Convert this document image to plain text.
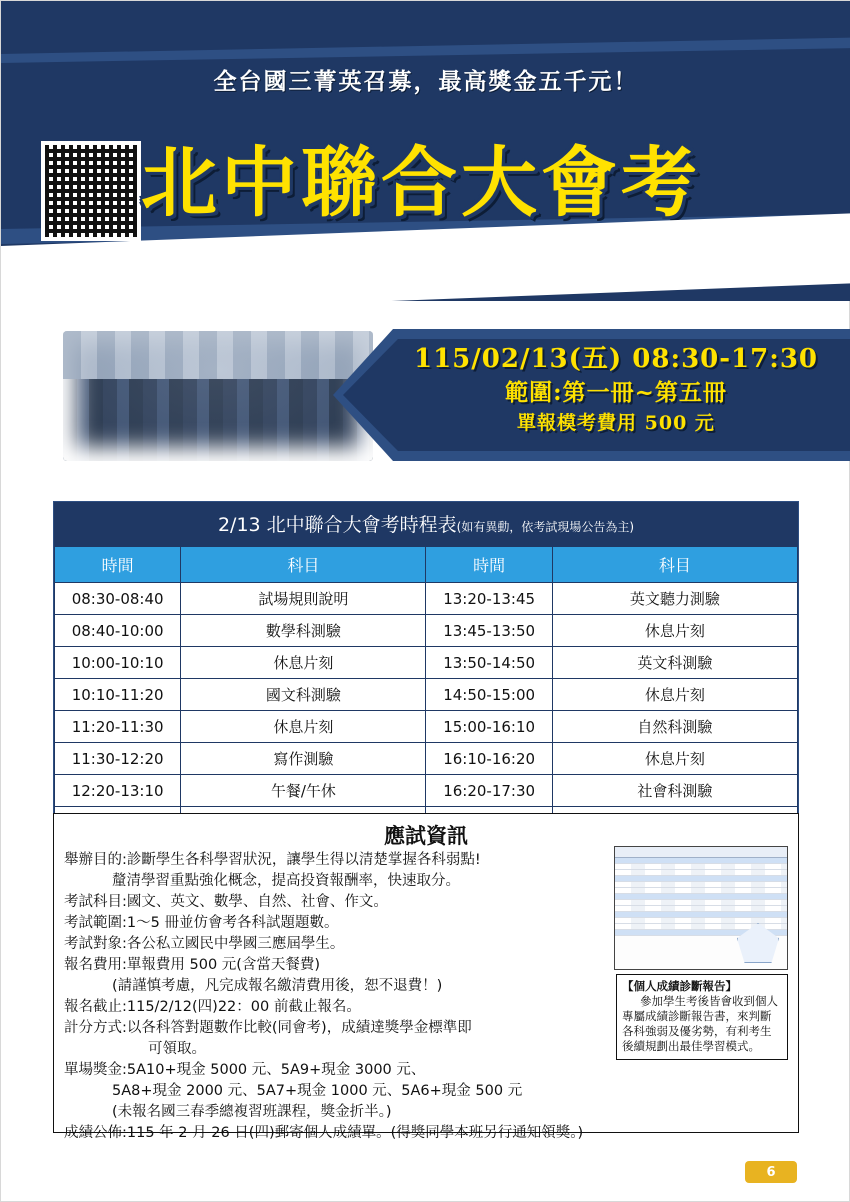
全台國三菁英召募，最高獎金五千元！
北中聯合大會考
115/02/13(五) 08:30-17:30
範圍:第一冊~第五冊
單報模考費用 500 元
2/13 北中聯合大會考時程表(如有異動，依考試現場公告為主)
時間	科目	時間	科目
08:30-08:40	試場規則說明	13:20-13:45	英文聽力測驗
08:40-10:00	數學科測驗	13:45-13:50	休息片刻
10:00-10:10	休息片刻	13:50-14:50	英文科測驗
10:10-11:20	國文科測驗	14:50-15:00	休息片刻
11:20-11:30	休息片刻	15:00-16:10	自然科測驗
11:30-12:20	寫作測驗	16:10-16:20	休息片刻
12:20-13:10	午餐/午休	16:20-17:30	社會科測驗

應試資訊
舉辦目的:診斷學生各科學習狀況，讓學生得以清楚掌握各科弱點!
釐清學習重點強化概念，提高投資報酬率，快速取分。
考試科目:國文、英文、數學、自然、社會、作文。
考試範圍:1～5 冊並仿會考各科試題題數。
考試對象:各公私立國民中學國三應屆學生。
報名費用:單報費用 500 元(含當天餐費)
(請謹慎考慮，凡完成報名繳清費用後，恕不退費！)
報名截止:115/2/12(四)22：00 前截止報名。
計分方式:以各科答對題數作比較(同會考)，成績達獎學金標準即
可領取。
單場獎金:5A10+現金 5000 元、5A9+現金 3000 元、
5A8+現金 2000 元、5A7+現金 1000 元、5A6+現金 500 元
(未報名國三春季總複習班課程，獎金折半。)
成績公佈:115 年 2 月 26 日(四)郵寄個人成績單。(得獎同學本班另行通知領獎。)
【個人成績診斷報告】
參加學生考後皆會收到個人專屬成績診斷報告書，來判斷各科強弱及優劣勢，有利考生後續規劃出最佳學習模式。
6
